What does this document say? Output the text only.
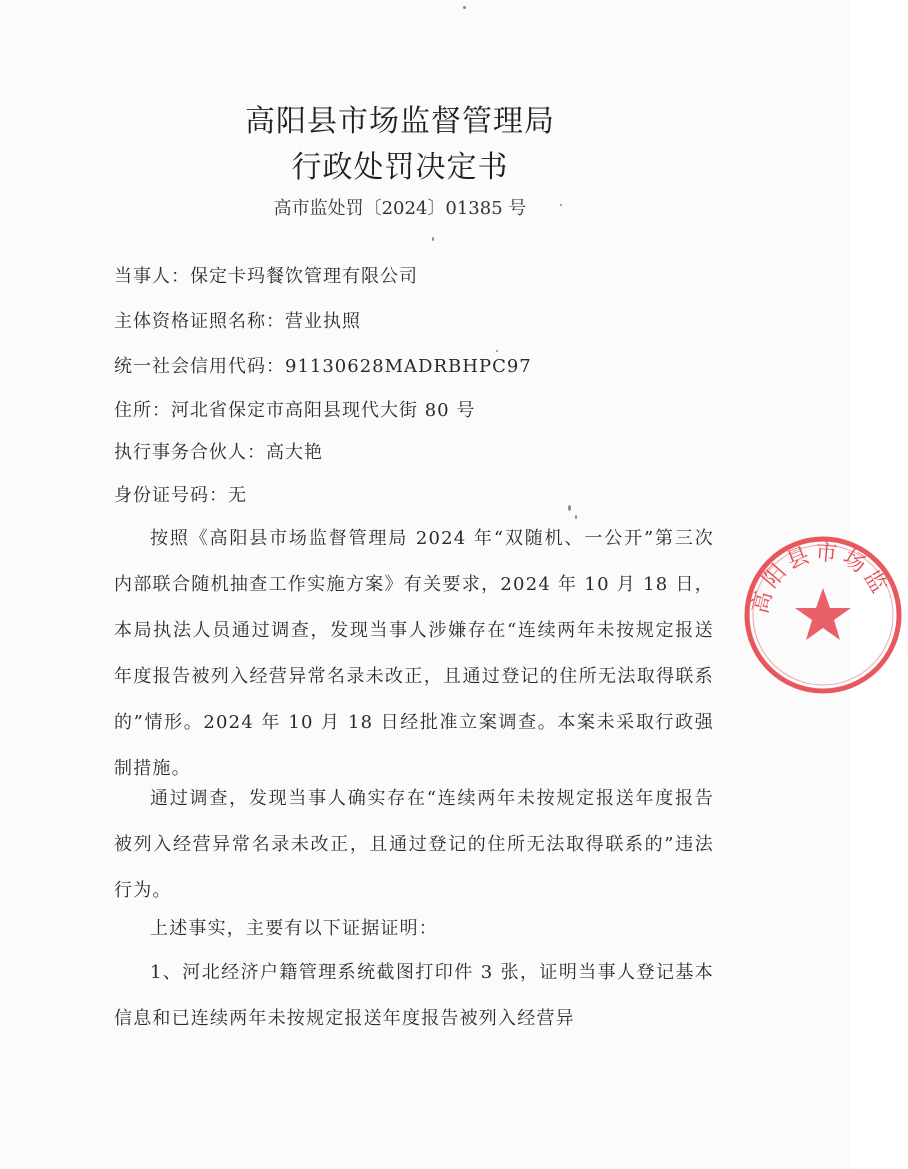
高阳县市场监督管理局
行政处罚决定书
高市监处罚〔2024〕01385 号
当事人：保定卡玛餐饮管理有限公司
主体资格证照名称：营业执照
统一社会信用代码：91130628MADRBHPC97
住所：河北省保定市高阳县现代大街 80 号
执行事务合伙人：高大艳
身份证号码：无
按照《高阳县市场监督管理局 2024 年“双随机、一公开”第三次内部联合随机抽查工作实施方案》有关要求，2024 年 10 月 18 日，本局执法人员通过调查，发现当事人涉嫌存在“连续两年未按规定报送年度报告被列入经营异常名录未改正，且通过登记的住所无法取得联系的”情形。2024 年 10 月 18 日经批准立案调查。本案未采取行政强制措施。
通过调查，发现当事人确实存在“连续两年未按规定报送年度报告被列入经营异常名录未改正，且通过登记的住所无法取得联系的”违法行为。
上述事实，主要有以下证据证明：
1、河北经济户籍管理系统截图打印件 3 张，证明当事人登记基本信息和已连续两年未按规定报送年度报告被列入经营异
高阳县市场监
